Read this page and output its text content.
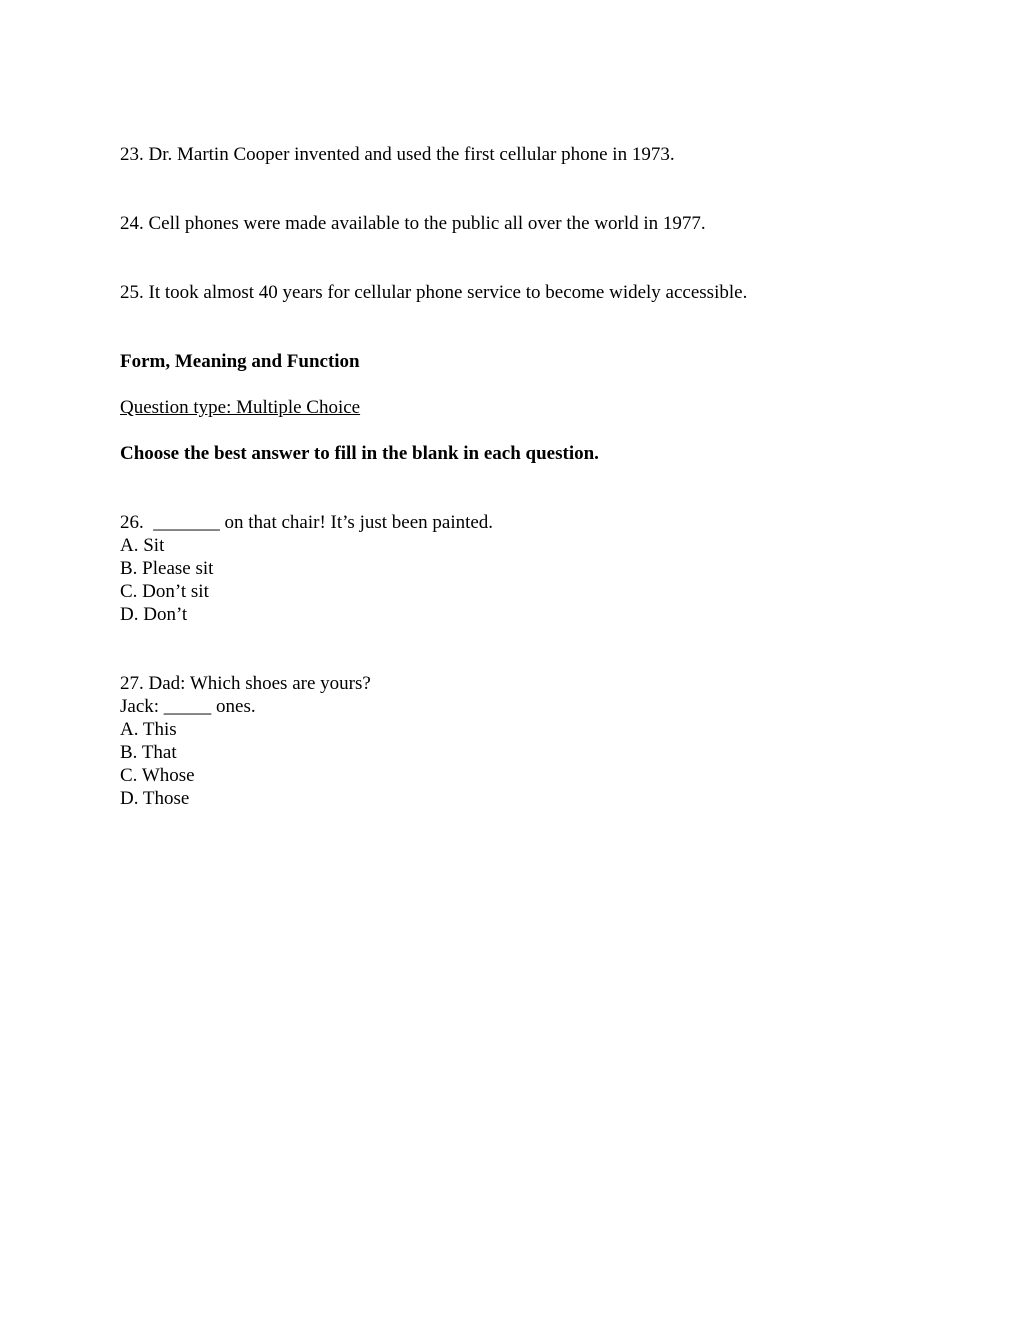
23. Dr. Martin Cooper invented and used the first cellular phone in 1973.

24. Cell phones were made available to the public all over the world in 1977.

25. It took almost 40 years for cellular phone service to become widely accessible.

Form, Meaning and Function

Question type: Multiple Choice

Choose the best answer to fill in the blank in each question.

26.  _______ on that chair! It’s just been painted.

A. Sit
B. Please sit
C. Don’t sit
D. Don’t

27. Dad: Which shoes are yours?

Jack: _____ ones.

A. This
B. That
C. Whose
D. Those
